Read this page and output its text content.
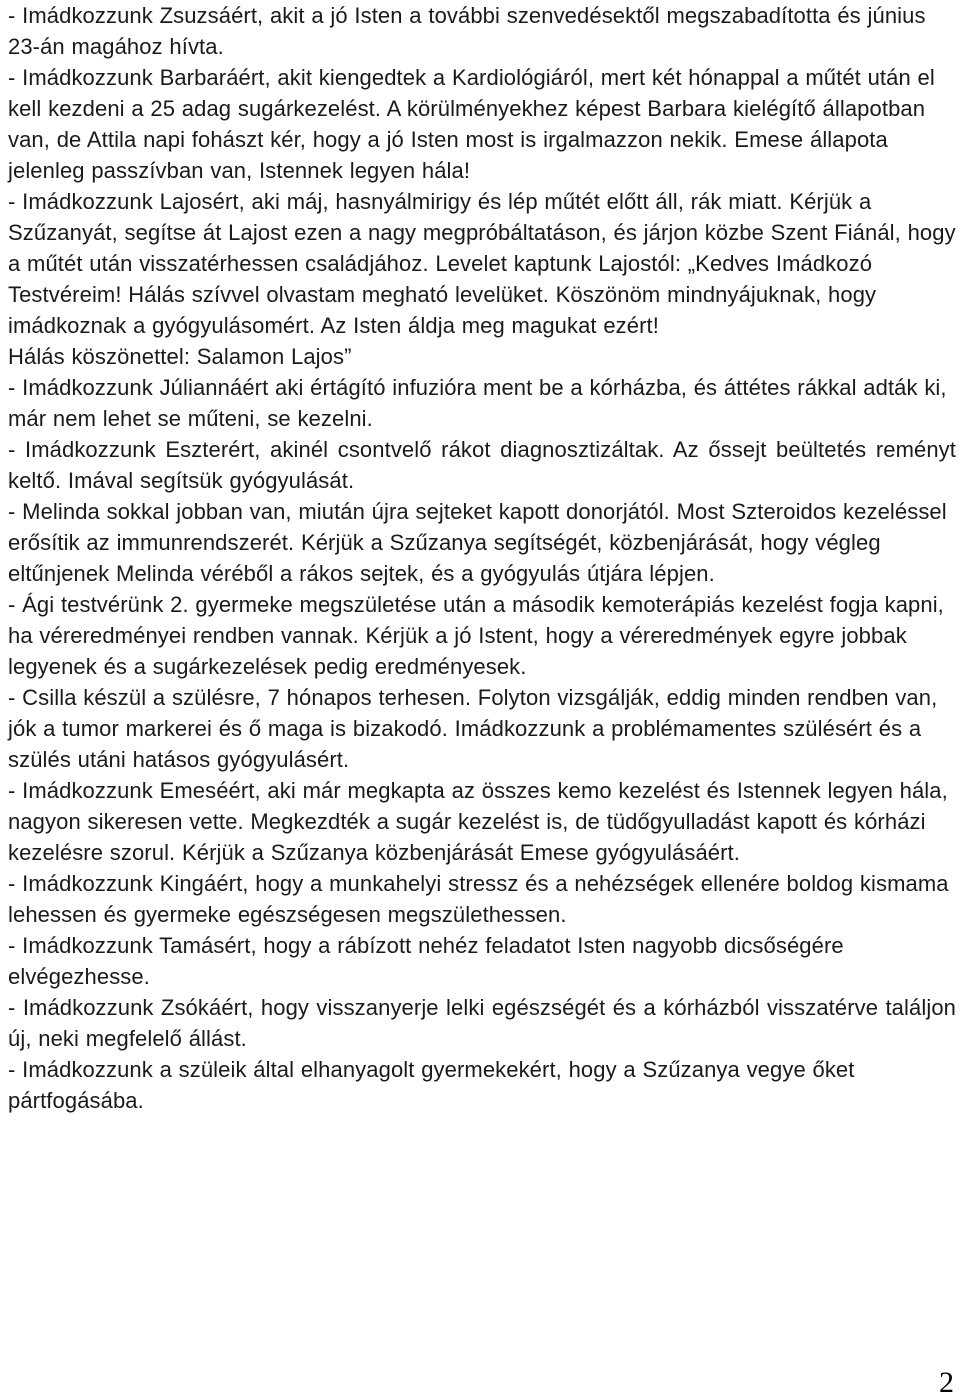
- Imádkozzunk Zsuzsáért, akit a jó Isten a további szenvedésektől megszabadította és június 23-án magához hívta.

- Imádkozzunk Barbaráért, akit kiengedtek a Kardiológiáról, mert két hónappal a műtét után el kell kezdeni a 25 adag sugárkezelést. A körülményekhez képest Barbara kielégítő állapotban van, de Attila napi fohászt kér, hogy a jó Isten most is irgalmazzon nekik. Emese állapota jelenleg passzívban van, Istennek legyen hála!

- Imádkozzunk Lajosért, aki máj, hasnyálmirigy és lép műtét előtt áll, rák miatt. Kérjük a Szűzanyát, segítse át Lajost ezen a nagy megpróbáltatáson, és járjon közbe Szent Fiánál, hogy a műtét után visszatérhessen családjához. Levelet kaptunk Lajostól: „Kedves Imádkozó Testvéreim! Hálás szívvel olvastam megható levelüket. Köszönöm mindnyájuknak, hogy imádkoznak a gyógyulásomért. Az Isten áldja meg magukat ezért!

Hálás köszönettel: Salamon Lajos”

- Imádkozzunk Júliannáért aki értágító infuzióra ment be a kórházba, és áttétes rákkal adták ki, már nem lehet se műteni, se kezelni.

- Imádkozzunk Eszterért, akinél csontvelő rákot diagnosztizáltak. Az őssejt beültetés reményt keltő. Imával segítsük gyógyulását.

- Melinda sokkal jobban van, miután újra sejteket kapott donorjától. Most Szteroidos kezeléssel erősítik az immunrendszerét. Kérjük a Szűzanya segítségét, közbenjárását, hogy végleg eltűnjenek Melinda véréből a rákos sejtek, és a gyógyulás útjára lépjen.

- Ági testvérünk 2. gyermeke megszületése után a második kemoterápiás kezelést fogja kapni, ha véreredményei rendben vannak. Kérjük a jó Istent, hogy a véreredmények egyre jobbak legyenek és a sugárkezelések pedig eredményesek.

- Csilla készül a szülésre, 7 hónapos terhesen. Folyton vizsgálják, eddig minden rendben van, jók a tumor markerei és ő maga is bizakodó. Imádkozzunk a problémamentes szülésért és a szülés utáni hatásos gyógyulásért.

- Imádkozzunk Emeséért, aki már megkapta az összes kemo kezelést és Istennek legyen hála, nagyon sikeresen vette. Megkezdték a sugár kezelést is, de tüdőgyulladást kapott és kórházi kezelésre szorul. Kérjük a Szűzanya közbenjárását Emese gyógyulásáért.

- Imádkozzunk Kingáért, hogy a munkahelyi stressz és a nehézségek ellenére boldog kismama lehessen és gyermeke egészségesen megszülethessen.

- Imádkozzunk Tamásért, hogy a rábízott nehéz feladatot Isten nagyobb dicsőségére elvégezhesse.

- Imádkozzunk Zsókáért, hogy visszanyerje lelki egészségét és a kórházból visszatérve találjon új, neki megfelelő állást.

- Imádkozzunk a szüleik által elhanyagolt gyermekekért, hogy a Szűzanya vegye őket pártfogásába.

2
